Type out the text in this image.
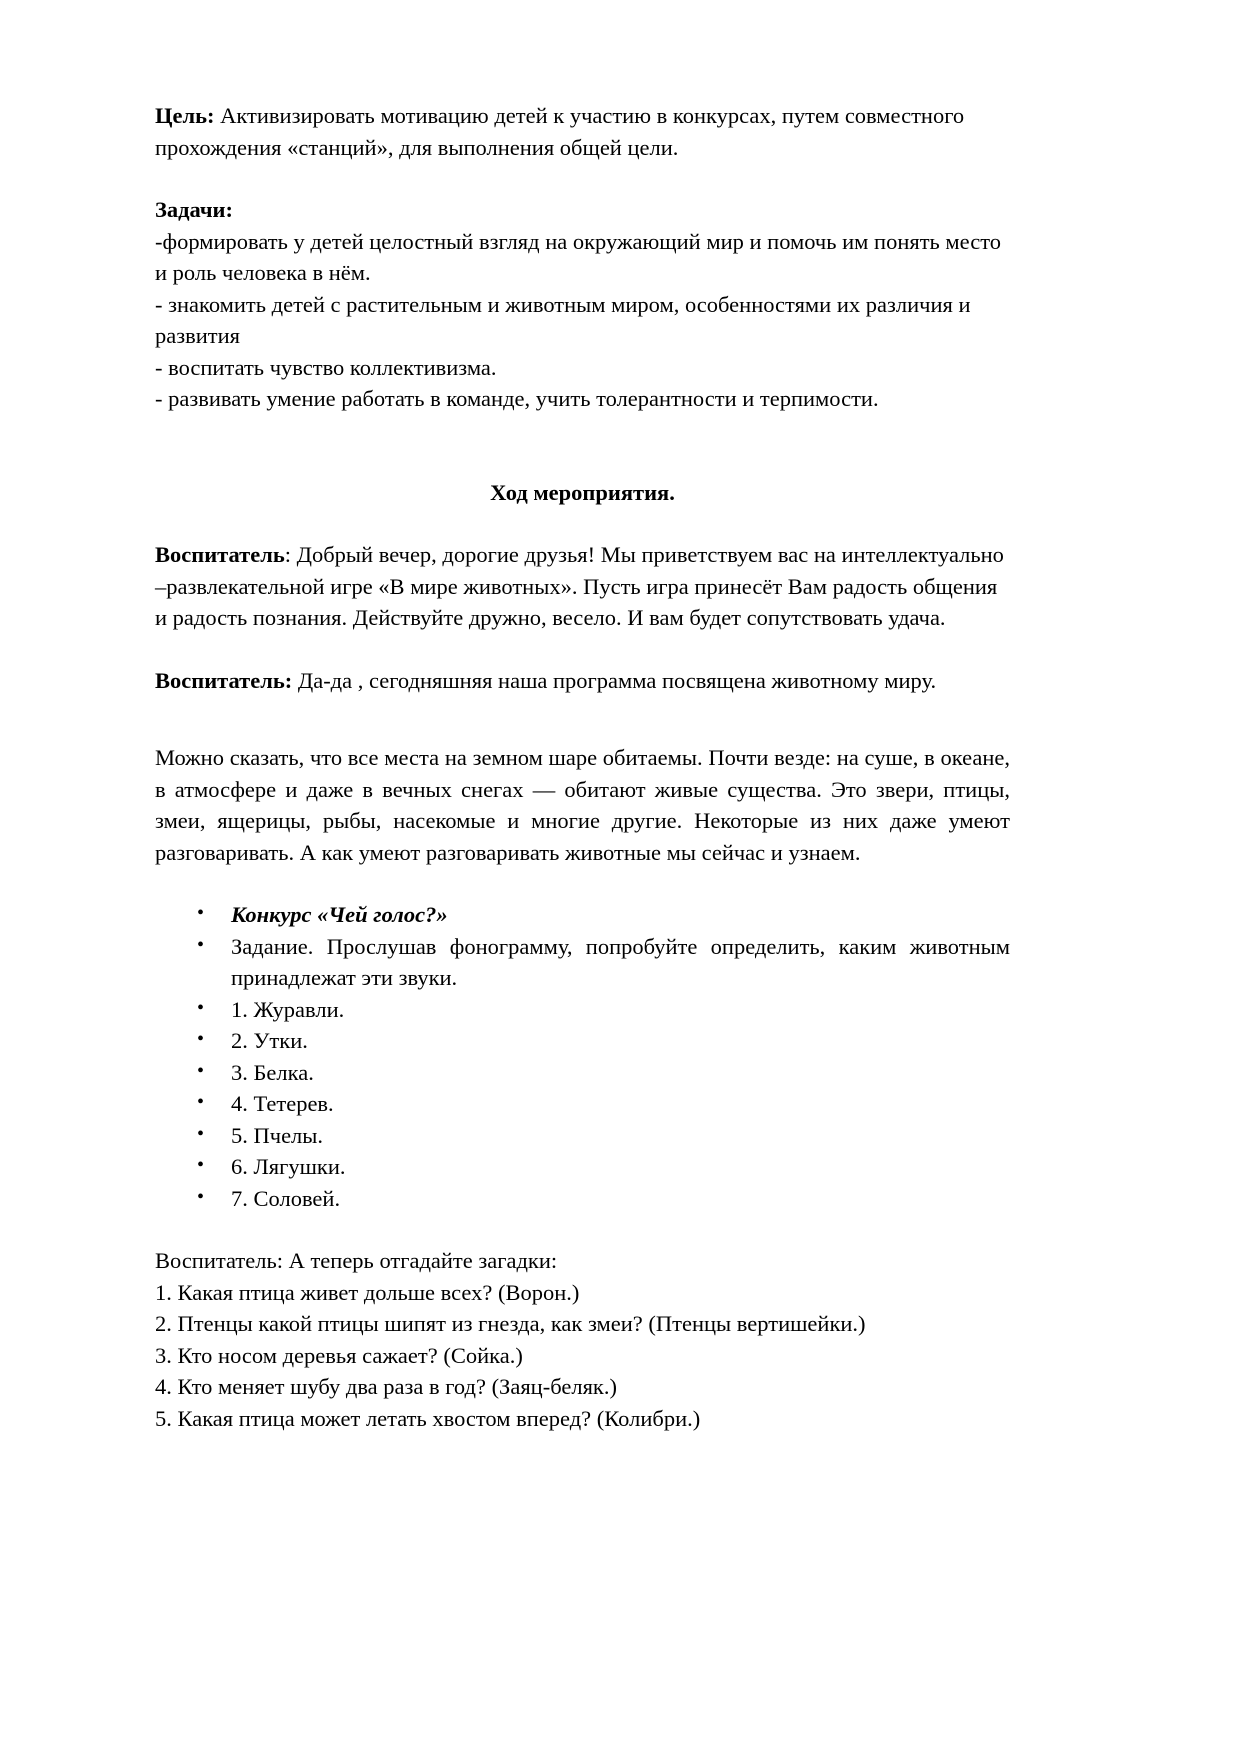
Цель: Активизировать мотивацию детей к участию в конкурсах, путем совместного прохождения «станций», для выполнения общей цели.

Задачи:

-формировать у детей целостный взгляд на окружающий мир и помочь им понять место и роль человека в нём.

- знакомить детей с растительным и животным миром, особенностями их различия и развития

- воспитать чувство коллективизма.

- развивать умение работать в команде, учить толерантности и терпимости.

Ход мероприятия.

Воспитатель: Добрый вечер, дорогие друзья! Мы приветствуем вас на интеллектуально –развлекательной игре «В мире животных». Пусть игра принесёт Вам радость общения и радость познания. Действуйте дружно, весело. И вам будет сопутствовать удача.

Воспитатель: Да-да , сегодняшняя наша программа посвящена животному миру.

Можно сказать, что все места на земном шаре обитаемы. Почти везде: на суше, в океане, в атмосфере и даже в вечных снегах — обитают живые существа. Это звери, птицы, змеи, ящерицы, рыбы, насекомые и многие другие. Некоторые из них даже умеют разговаривать. А как умеют разговаривать животные мы сейчас и узнаем.

• Конкурс «Чей голос?»
• Задание. Прослушав фонограмму, попробуйте определить, каким животным принадлежат эти звуки.
• 1. Журавли.
• 2. Утки.
• 3. Белка.
• 4. Тетерев.
• 5. Пчелы.
• 6. Лягушки.
• 7. Соловей.

Воспитатель: А теперь отгадайте загадки:

1. Какая птица живет дольше всех? (Ворон.)

2. Птенцы какой птицы шипят из гнезда, как змеи? (Птенцы вертишейки.)

3. Кто носом деревья сажает? (Сойка.)

4. Кто меняет шубу два раза в год? (Заяц-беляк.)

5. Какая птица может летать хвостом вперед? (Колибри.)
